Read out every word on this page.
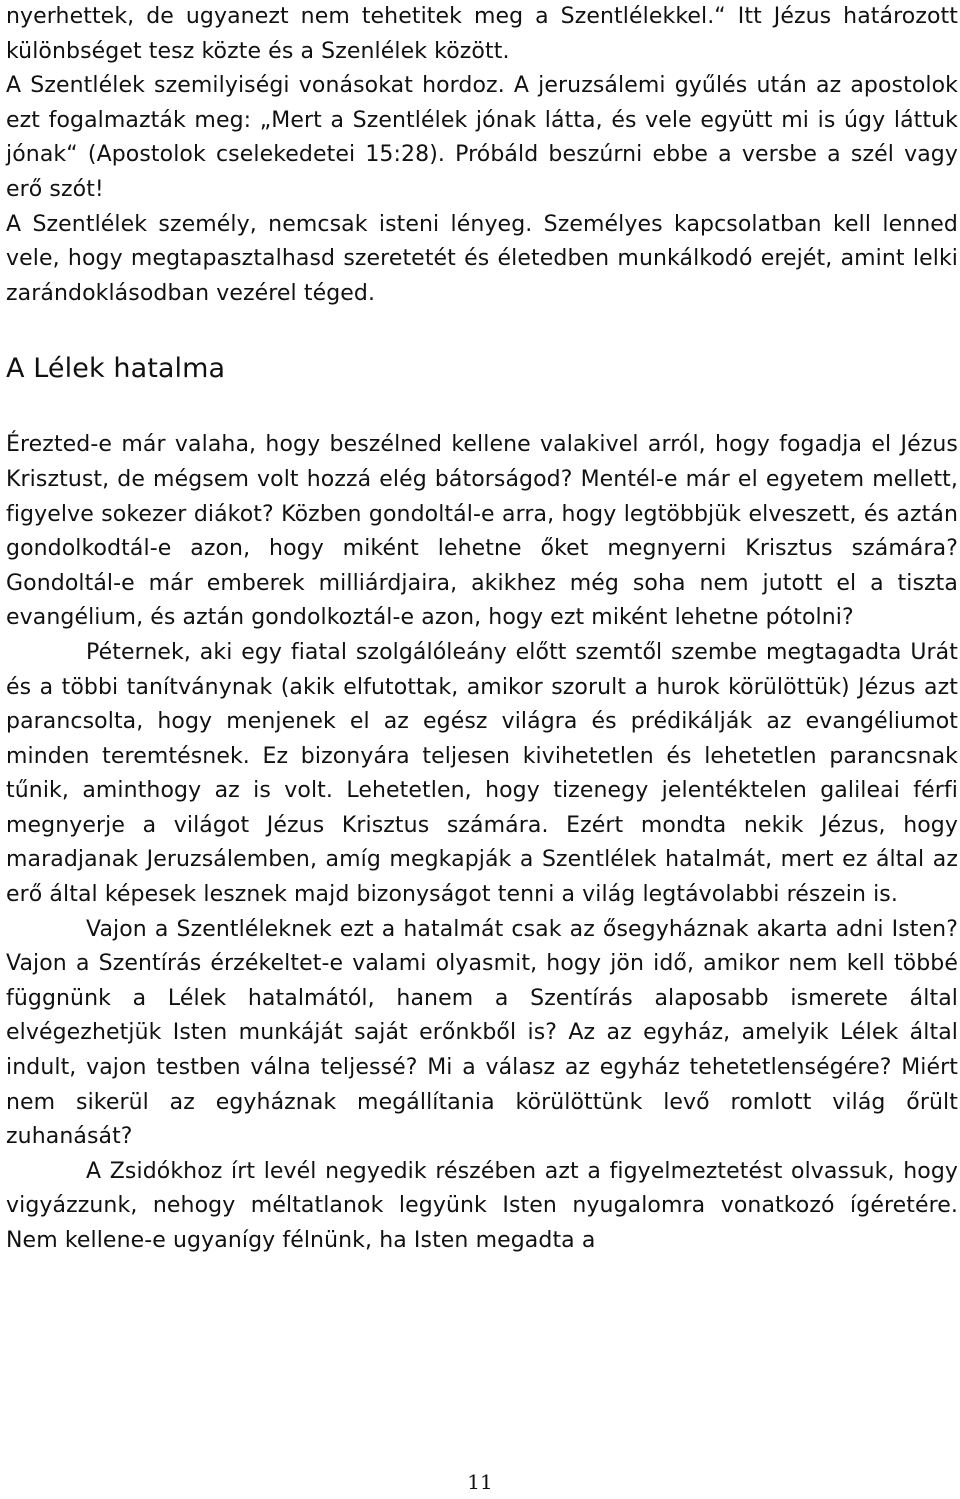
nyerhettek, de ugyanezt nem tehetitek meg a Szentlélekkel.“ Itt Jézus határozott különbséget tesz közte és a Szenlélek között.

A Szentlélek szemilyiségi vonásokat hordoz. A jeruzsálemi gyűlés után az apostolok ezt fogalmazták meg: „Mert a Szentlélek jónak látta, és vele együtt mi is úgy láttuk jónak“ (Apostolok cselekedetei 15:28). Próbáld beszúrni ebbe a versbe a szél vagy erő szót!

A Szentlélek személy, nemcsak isteni lényeg. Személyes kapcsolatban kell lenned vele, hogy megtapasztalhasd szeretetét és életedben munkálkodó erejét, amint lelki zarándoklásodban vezérel téged.

A Lélek hatalma

Érezted-e már valaha, hogy beszélned kellene valakivel arról, hogy fogadja el Jézus Krisztust, de mégsem volt hozzá elég bátorságod? Mentél-e már el egyetem mellett, figyelve sokezer diákot? Közben gondoltál-e arra, hogy legtöbbjük elveszett, és aztán gondolkodtál-e azon, hogy miként lehetne őket megnyerni Krisztus számára? Gondoltál-e már emberek milliárdjaira, akikhez még soha nem jutott el a tiszta evangélium, és aztán gondolkoztál-e azon, hogy ezt miként lehetne pótolni?

Péternek, aki egy fiatal szolgálóleány előtt szemtől szembe megtagadta Urát és a többi tanítványnak (akik elfutottak, amikor szorult a hurok körülöttük) Jézus azt parancsolta, hogy menjenek el az egész világra és prédikálják az evangéliumot minden teremtésnek. Ez bizonyára teljesen kivihetetlen és lehetetlen parancsnak tűnik, aminthogy az is volt. Lehetetlen, hogy tizenegy jelentéktelen galileai férfi megnyerje a világot Jézus Krisztus számára. Ezért mondta nekik Jézus, hogy maradjanak Jeruzsálemben, amíg megkapják a Szentlélek hatalmát, mert ez által az erő által képesek lesznek majd bizonyságot tenni a világ legtávolabbi részein is.

Vajon a Szentléleknek ezt a hatalmát csak az ősegyháznak akarta adni Isten? Vajon a Szentírás érzékeltet-e valami olyasmit, hogy jön idő, amikor nem kell többé függnünk a Lélek hatalmától, hanem a Szentírás alaposabb ismerete által elvégezhetjük Isten munkáját saját erőnkből is? Az az egyház, amelyik Lélek által indult, vajon testben válna teljessé? Mi a válasz az egyház tehetetlenségére? Miért nem sikerül az egyháznak megállítania körülöttünk levő romlott világ őrült zuhanását?

A Zsidókhoz írt levél negyedik részében azt a figyelmeztetést olvassuk, hogy vigyázzunk, nehogy méltatlanok legyünk Isten nyugalomra vonatkozó ígéretére. Nem kellene-e ugyanígy félnünk, ha Isten megadta a

11
